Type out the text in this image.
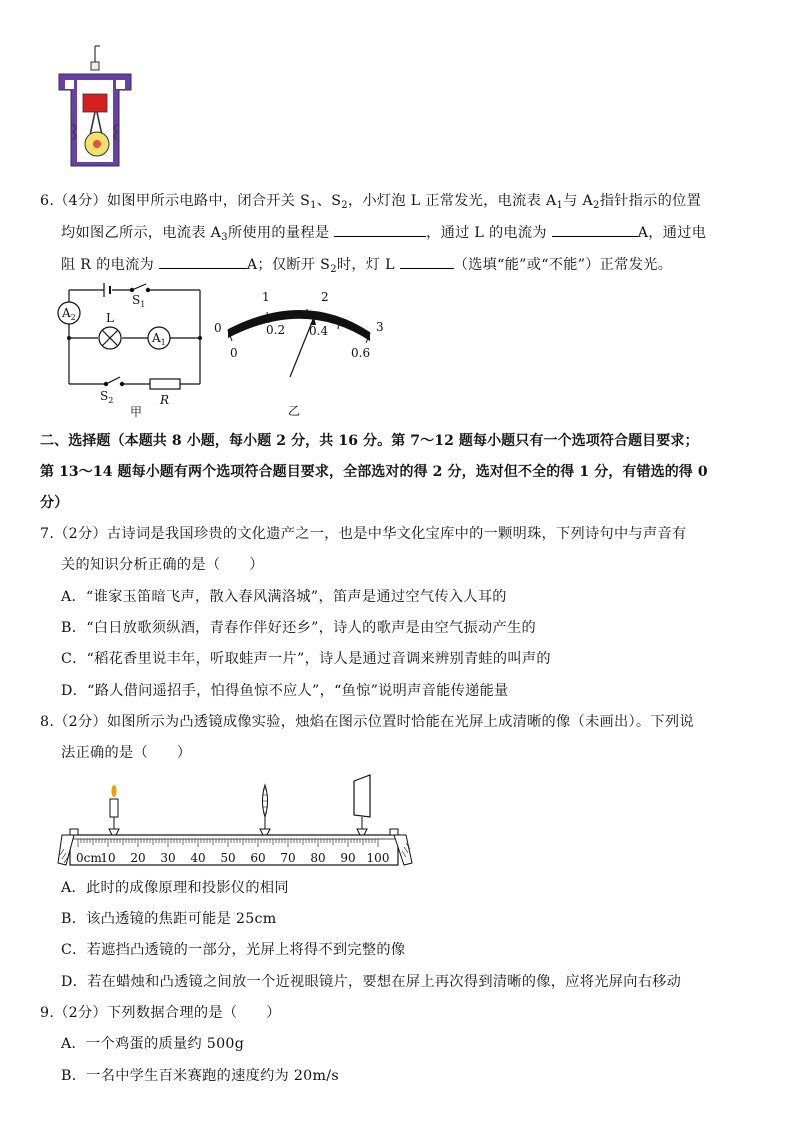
6.（4分）如图甲所示电路中，闭合开关 $S_1$、$S_2$，小灯泡 L 正常发光，电流表 $A_1$与 $A_2$指针指示的位置
均如图乙所示，电流表 $A_3$所使用的量程是	，通过 L 的电流为	A，通过电
阻 R 的电流为	A；仅断开 $S_2$时，灯 L	（选填“能”或“不能”）正常发光。
$A_2$
$A_1$
$S_1$
$S_2$
L
R
甲
0
1	2
3
0
0.2 0.4
0.6
乙
二、选择题（本题共 8 小题，每小题 2 分，共 16 分。第 7～12 题每小题只有一个选项符合题目要求；
第 13～14 题每小题有两个选项符合题目要求，全部选对的得 2 分，选对但不全的得 1 分，有错选的得 0
分）
7.（2分）古诗词是我国珍贵的文化遗产之一，也是中华文化宝库中的一颗明珠，下列诗句中与声音有
关的知识分析正确的是（　　）
A．“谁家玉笛暗飞声，散入春风满洛城”，笛声是通过空气传入人耳的
B．“白日放歌须纵酒，青春作伴好还乡”，诗人的歌声是由空气振动产生的
C．“稻花香里说丰年，听取蛙声一片”，诗人是通过音调来辨别青蛙的叫声的
D．“路人借问遥招手，怕得鱼惊不应人”，“鱼惊”说明声音能传递能量
8.（2分）如图所示为凸透镜成像实验，烛焰在图示位置时恰能在光屏上成清晰的像（未画出）。下列说
法正确的是（　　）
0cm
10 20 30 40 50 60 70 80 90 100
A．此时的成像原理和投影仪的相同
B．该凸透镜的焦距可能是 25cm
C．若遮挡凸透镜的一部分，光屏上将得不到完整的像
D．若在蜡烛和凸透镜之间放一个近视眼镜片，要想在屏上再次得到清晰的像，应将光屏向右移动
9.（2分）下列数据合理的是（　　）
A．一个鸡蛋的质量约 500g
B．一名中学生百米赛跑的速度约为 20m/s
